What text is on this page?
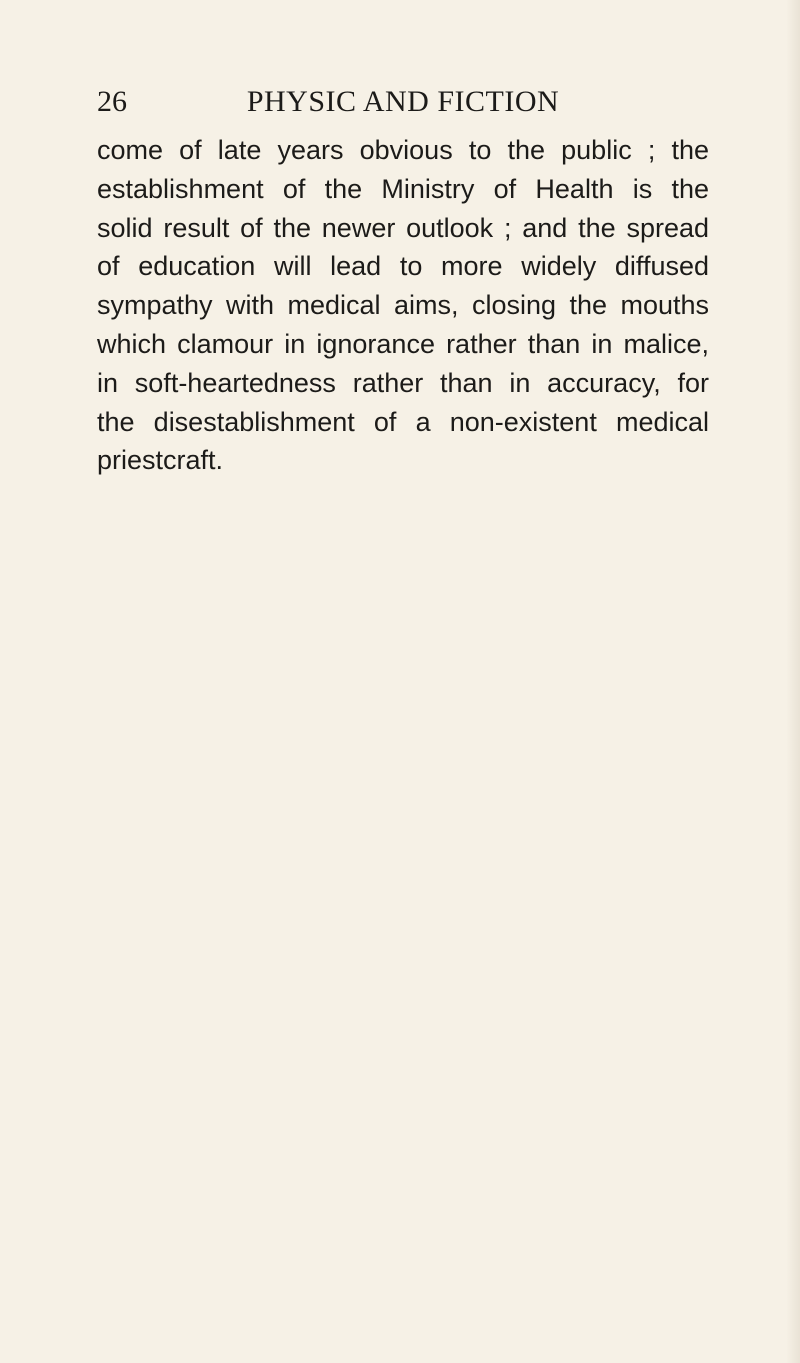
26	PHYSIC AND FICTION
come of late years obvious to the public ; the
establishment of the Ministry of Health is the
solid result of the newer outlook ; and the spread
of education will lead to more widely diffused
sympathy with medical aims, closing the mouths
which clamour in ignorance rather than in malice,
in soft-heartedness rather than in accuracy, for
the disestablishment of a non-existent medical
priestcraft.
